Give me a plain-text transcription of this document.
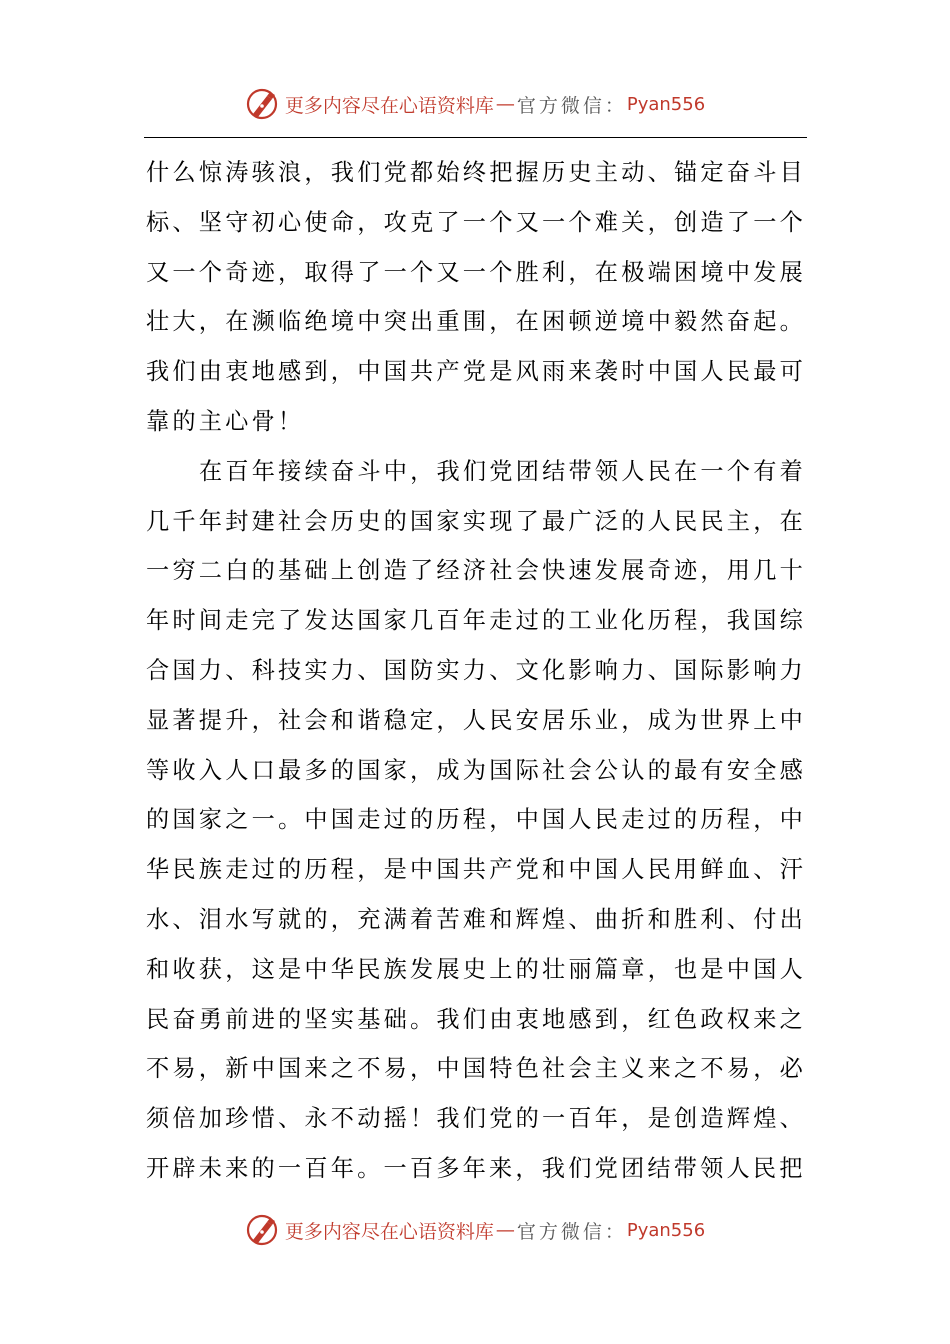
更多内容尽在心语资料库 — 官方微信： Pyan556

什么惊涛骇浪，我们党都始终把握历史主动、锚定奋斗目标、坚守初心使命，攻克了一个又一个难关，创造了一个又一个奇迹，取得了一个又一个胜利，在极端困境中发展壮大，在濒临绝境中突出重围，在困顿逆境中毅然奋起。我们由衷地感到，中国共产党是风雨来袭时中国人民最可靠的主心骨！

在百年接续奋斗中，我们党团结带领人民在一个有着几千年封建社会历史的国家实现了最广泛的人民民主，在一穷二白的基础上创造了经济社会快速发展奇迹，用几十年时间走完了发达国家几百年走过的工业化历程，我国综合国力、科技实力、国防实力、文化影响力、国际影响力显著提升，社会和谐稳定，人民安居乐业，成为世界上中等收入人口最多的国家，成为国际社会公认的最有安全感的国家之一。中国走过的历程，中国人民走过的历程，中华民族走过的历程，是中国共产党和中国人民用鲜血、汗水、泪水写就的，充满着苦难和辉煌、曲折和胜利、付出和收获，这是中华民族发展史上的壮丽篇章，也是中国人民奋勇前进的坚实基础。我们由衷地感到，红色政权来之不易，新中国来之不易，中国特色社会主义来之不易，必须倍加珍惜、永不动摇！我们党的一百年，是创造辉煌、开辟未来的一百年。一百多年来，我们党团结带领人民把

更多内容尽在心语资料库 — 官方微信： Pyan556
